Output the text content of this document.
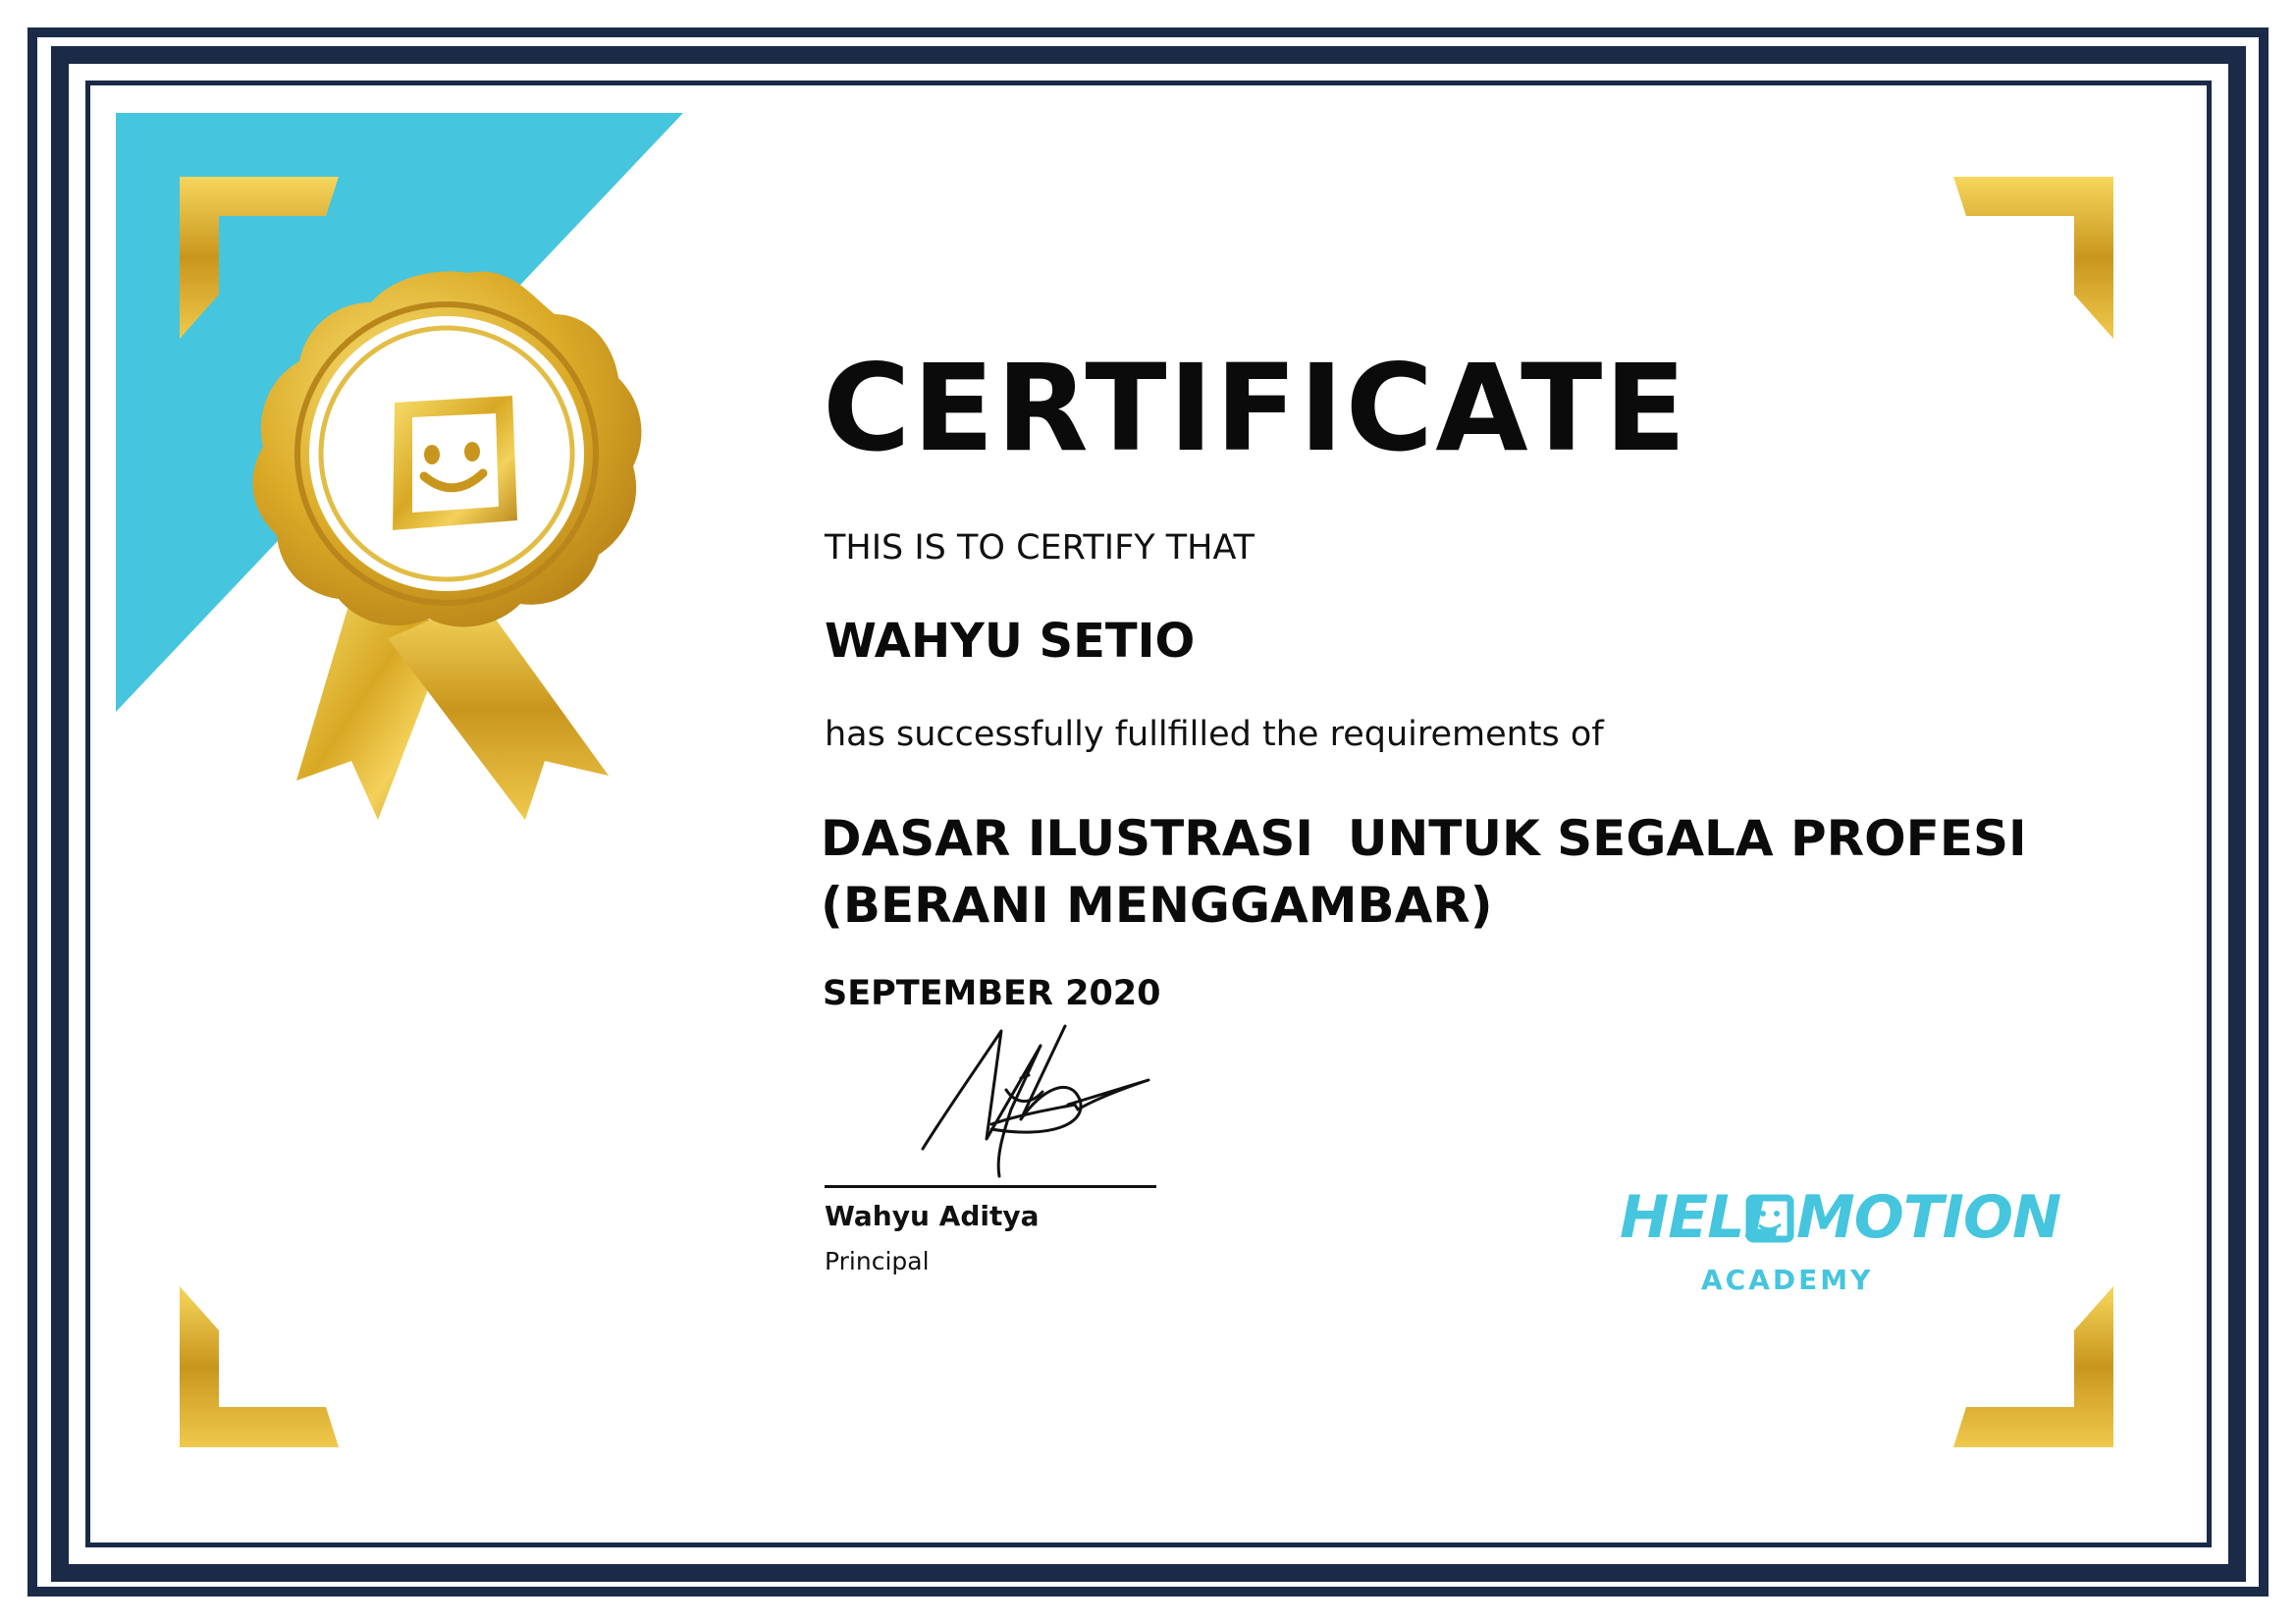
CERTIFICATE
THIS IS TO CERTIFY THAT
WAHYU SETIO
has successfully fullfilled the requirements of
DASAR ILUSTRASI  UNTUK SEGALA PROFESI
(BERANI MENGGAMBAR)
SEPTEMBER 2020
Wahyu Aditya
Principal
HELL MOTION
ACADEMY
